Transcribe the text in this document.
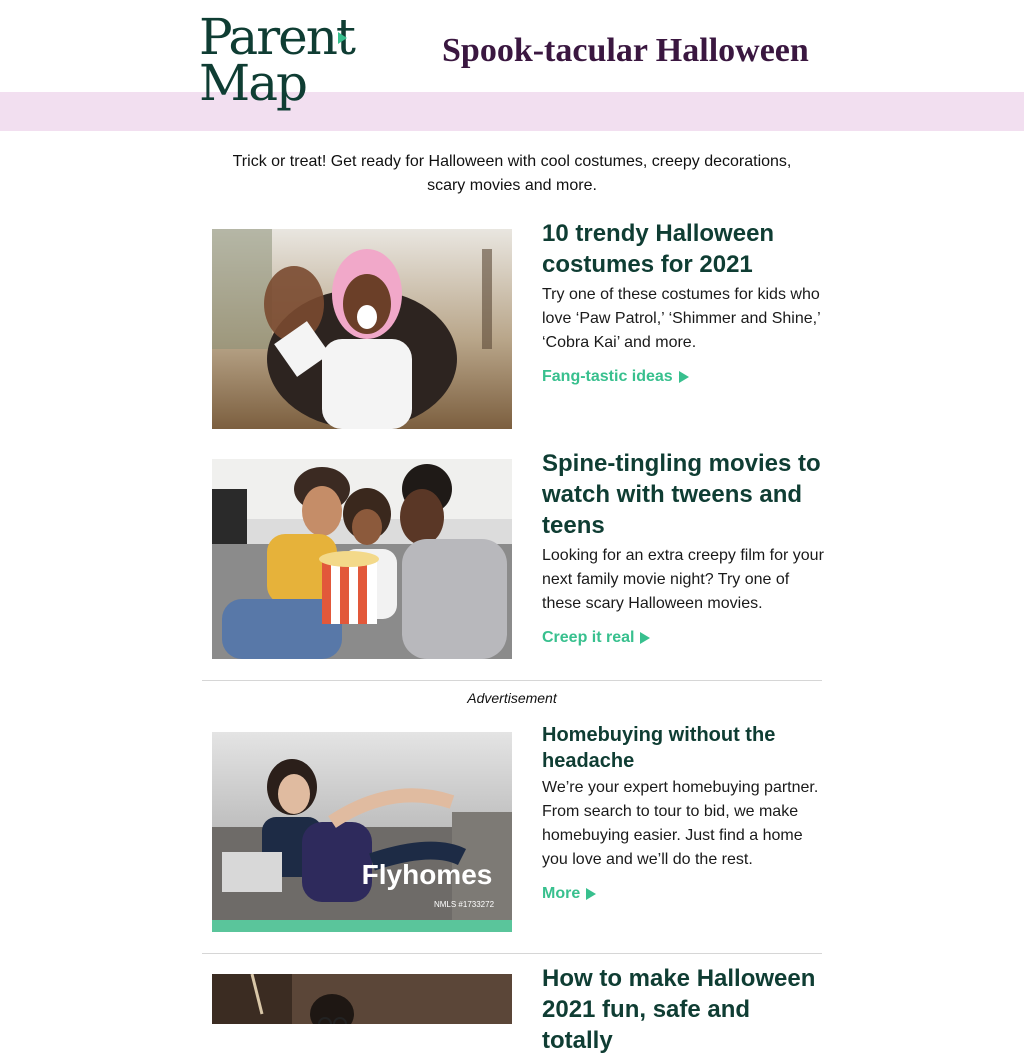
Parent
Map
Spook-tacular Halloween
Trick or treat! Get ready for Halloween with cool costumes, creepy decorations, scary movies and more.
10 trendy Halloween costumes for 2021

Try one of these costumes for kids who love ‘Paw Patrol,’ ‘Shimmer and Shine,’ ‘Cobra Kai’ and more.

Fang-tastic ideas
Spine-tingling movies to watch with tweens and teens

Looking for an extra creepy film for your next family movie night? Try one of these scary Halloween movies.

Creep it real
Advertisement
Flyhomes
NMLS #1733272
Homebuying without the headache

We’re your expert homebuying partner. From search to tour to bid, we make homebuying easier. Just find a home you love and we’ll do the rest.

More
How to make Halloween 2021 fun, safe and totally
